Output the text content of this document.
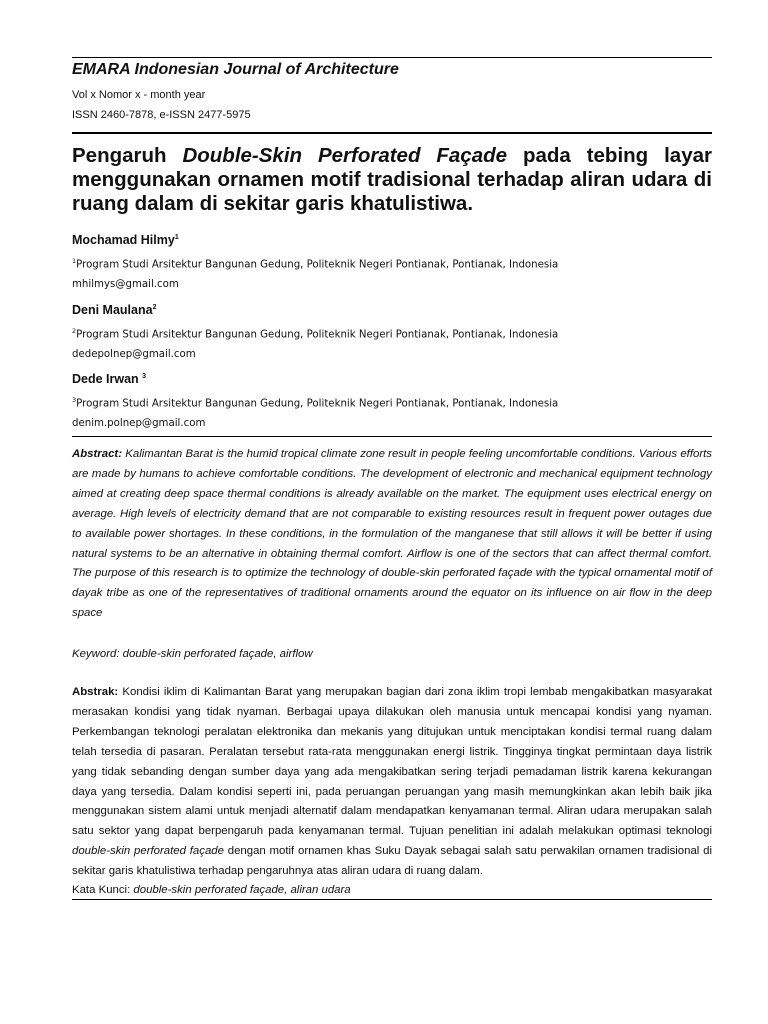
EMARA Indonesian Journal of Architecture
Vol x Nomor x - month year
ISSN 2460-7878, e-ISSN 2477-5975
Pengaruh Double-Skin Perforated Façade pada tebing layar menggunakan ornamen motif tradisional terhadap aliran udara di ruang dalam di sekitar garis khatulistiwa.
Mochamad Hilmy$^1$
$^1$Program Studi Arsitektur Bangunan Gedung, Politeknik Negeri Pontianak, Pontianak, Indonesia
mhilmys@gmail.com
Deni Maulana$^2$
$^2$Program Studi Arsitektur Bangunan Gedung, Politeknik Negeri Pontianak, Pontianak, Indonesia
dedepolnep@gmail.com
Dede Irwan $^3$
$^3$Program Studi Arsitektur Bangunan Gedung, Politeknik Negeri Pontianak, Pontianak, Indonesia
denim.polnep@gmail.com

Abstract: Kalimantan Barat is the humid tropical climate zone result in people feeling uncomfortable conditions. Various efforts are made by humans to achieve comfortable conditions. The development of electronic and mechanical equipment technology aimed at creating deep space thermal conditions is already available on the market. The equipment uses electrical energy on average. High levels of electricity demand that are not comparable to existing resources result in frequent power outages due to available power shortages. In these conditions, in the formulation of the manganese that still allows it will be better if using natural systems to be an alternative in obtaining thermal comfort. Airflow is one of the sectors that can affect thermal comfort. The purpose of this research is to optimize the technology of double-skin perforated façade with the typical ornamental motif of dayak tribe as one of the representatives of traditional ornaments around the equator on its influence on air flow in the deep space

Keyword: double-skin perforated façade, airflow

Abstrak: Kondisi iklim di Kalimantan Barat yang merupakan bagian dari zona iklim tropi lembab mengakibatkan masyarakat merasakan kondisi yang tidak nyaman. Berbagai upaya dilakukan oleh manusia untuk mencapai kondisi yang nyaman. Perkembangan teknologi peralatan elektronika dan mekanis yang ditujukan untuk menciptakan kondisi termal ruang dalam telah tersedia di pasaran. Peralatan tersebut rata-rata menggunakan energi listrik. Tingginya tingkat permintaan daya listrik yang tidak sebanding dengan sumber daya yang ada mengakibatkan sering terjadi pemadaman listrik karena kekurangan daya yang tersedia. Dalam kondisi seperti ini, pada peruangan peruangan yang masih memungkinkan akan lebih baik jika menggunakan sistem alami untuk menjadi alternatif dalam mendapatkan kenyamanan termal. Aliran udara merupakan salah satu sektor yang dapat berpengaruh pada kenyamanan termal. Tujuan penelitian ini adalah melakukan optimasi teknologi double-skin perforated façade dengan motif ornamen khas Suku Dayak sebagai salah satu perwakilan ornamen tradisional di sekitar garis khatulistiwa terhadap pengaruhnya atas aliran udara di ruang dalam.

Kata Kunci: double-skin perforated façade, aliran udara
